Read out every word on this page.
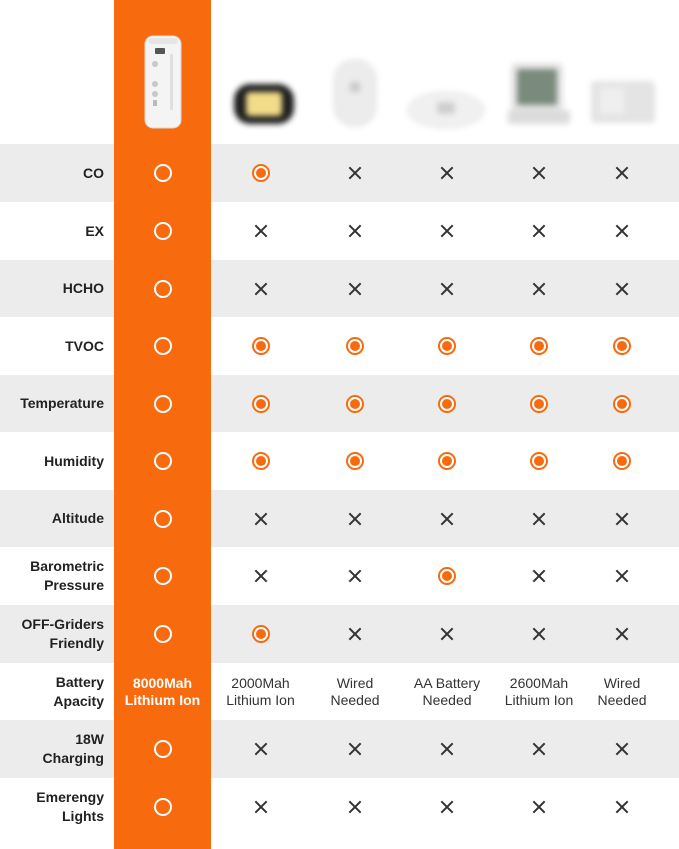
CO
EX
HCHO
TVOC
Temperature
Humidity
Altitude
Barometric Pressure
OFF-Griders Friendly
Battery Apacity
18W Charging
Emerengy Lights
8000Mah Lithium Ion
2000Mah Lithium Ion
Wired Needed
AA Battery Needed
2600Mah Lithium Ion
Wired Needed
